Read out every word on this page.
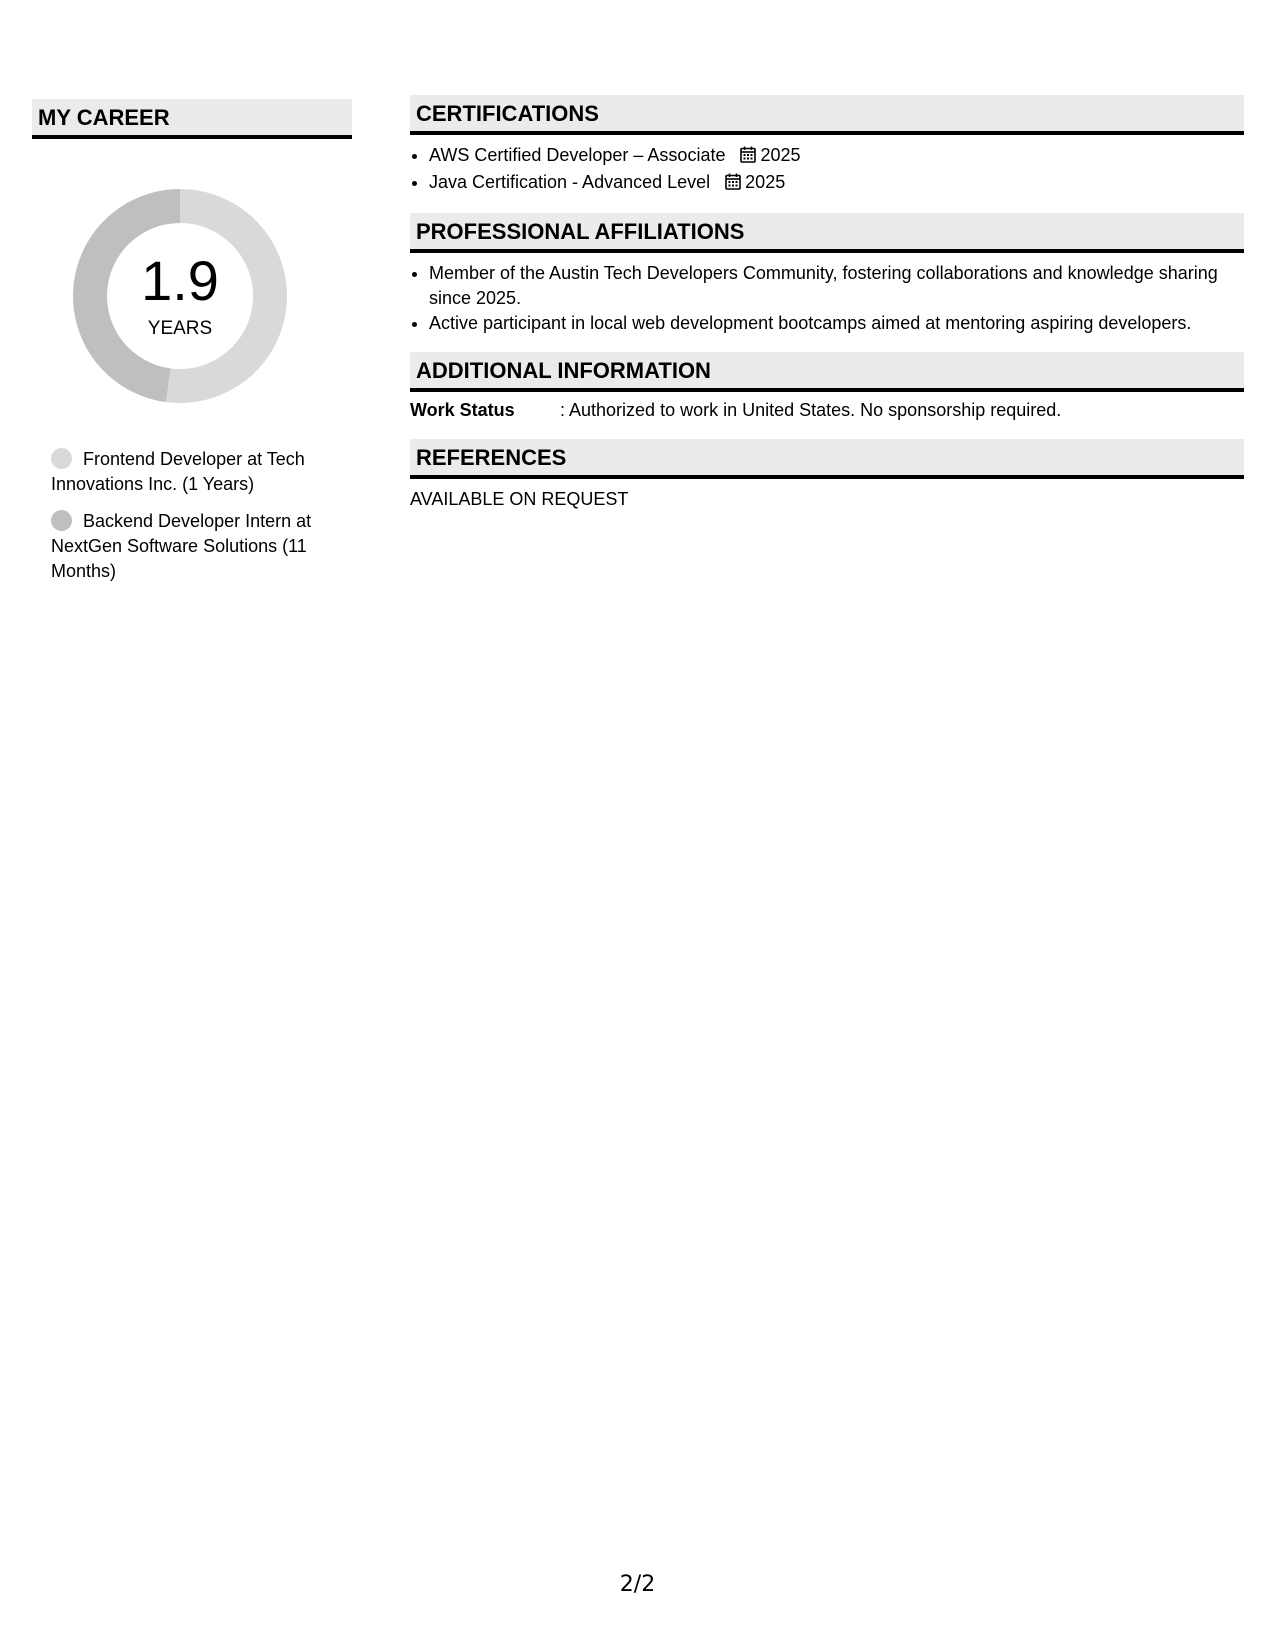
MY CAREER
1.9
YEARS
Frontend Developer at Tech Innovations Inc. (1 Years)
Backend Developer Intern at NextGen Software Solutions (11 Months)
CERTIFICATIONS
• AWS Certified Developer – Associate 2025
• Java Certification - Advanced Level 2025
PROFESSIONAL AFFILIATIONS
• Member of the Austin Tech Developers Community, fostering collaborations and knowledge sharing since 2025.
• Active participant in local web development bootcamps aimed at mentoring aspiring developers.
ADDITIONAL INFORMATION
Work Status	: Authorized to work in United States. No sponsorship required.
REFERENCES
AVAILABLE ON REQUEST
2/2
